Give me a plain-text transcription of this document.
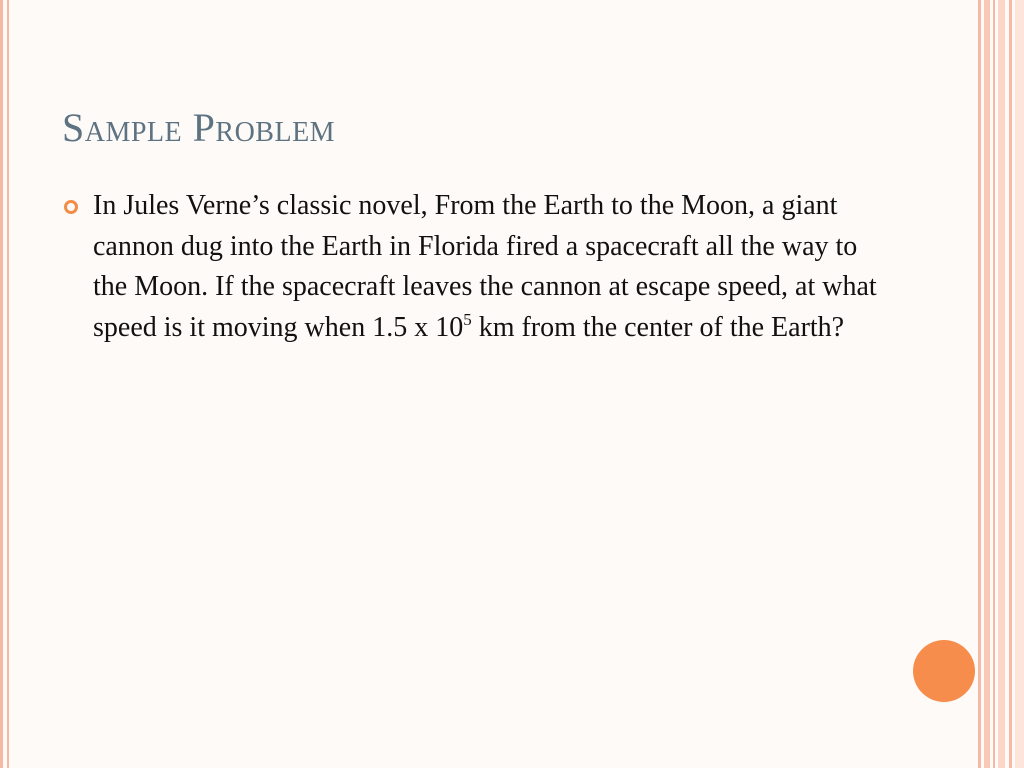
Sample Problem
In Jules Verne’s classic novel, From the Earth to the Moon, a giant cannon dug into the Earth in Florida fired a spacecraft all the way to the Moon. If the spacecraft leaves the cannon at escape speed, at what speed is it moving when 1.5 x $10^5$ km from the center of the Earth?
